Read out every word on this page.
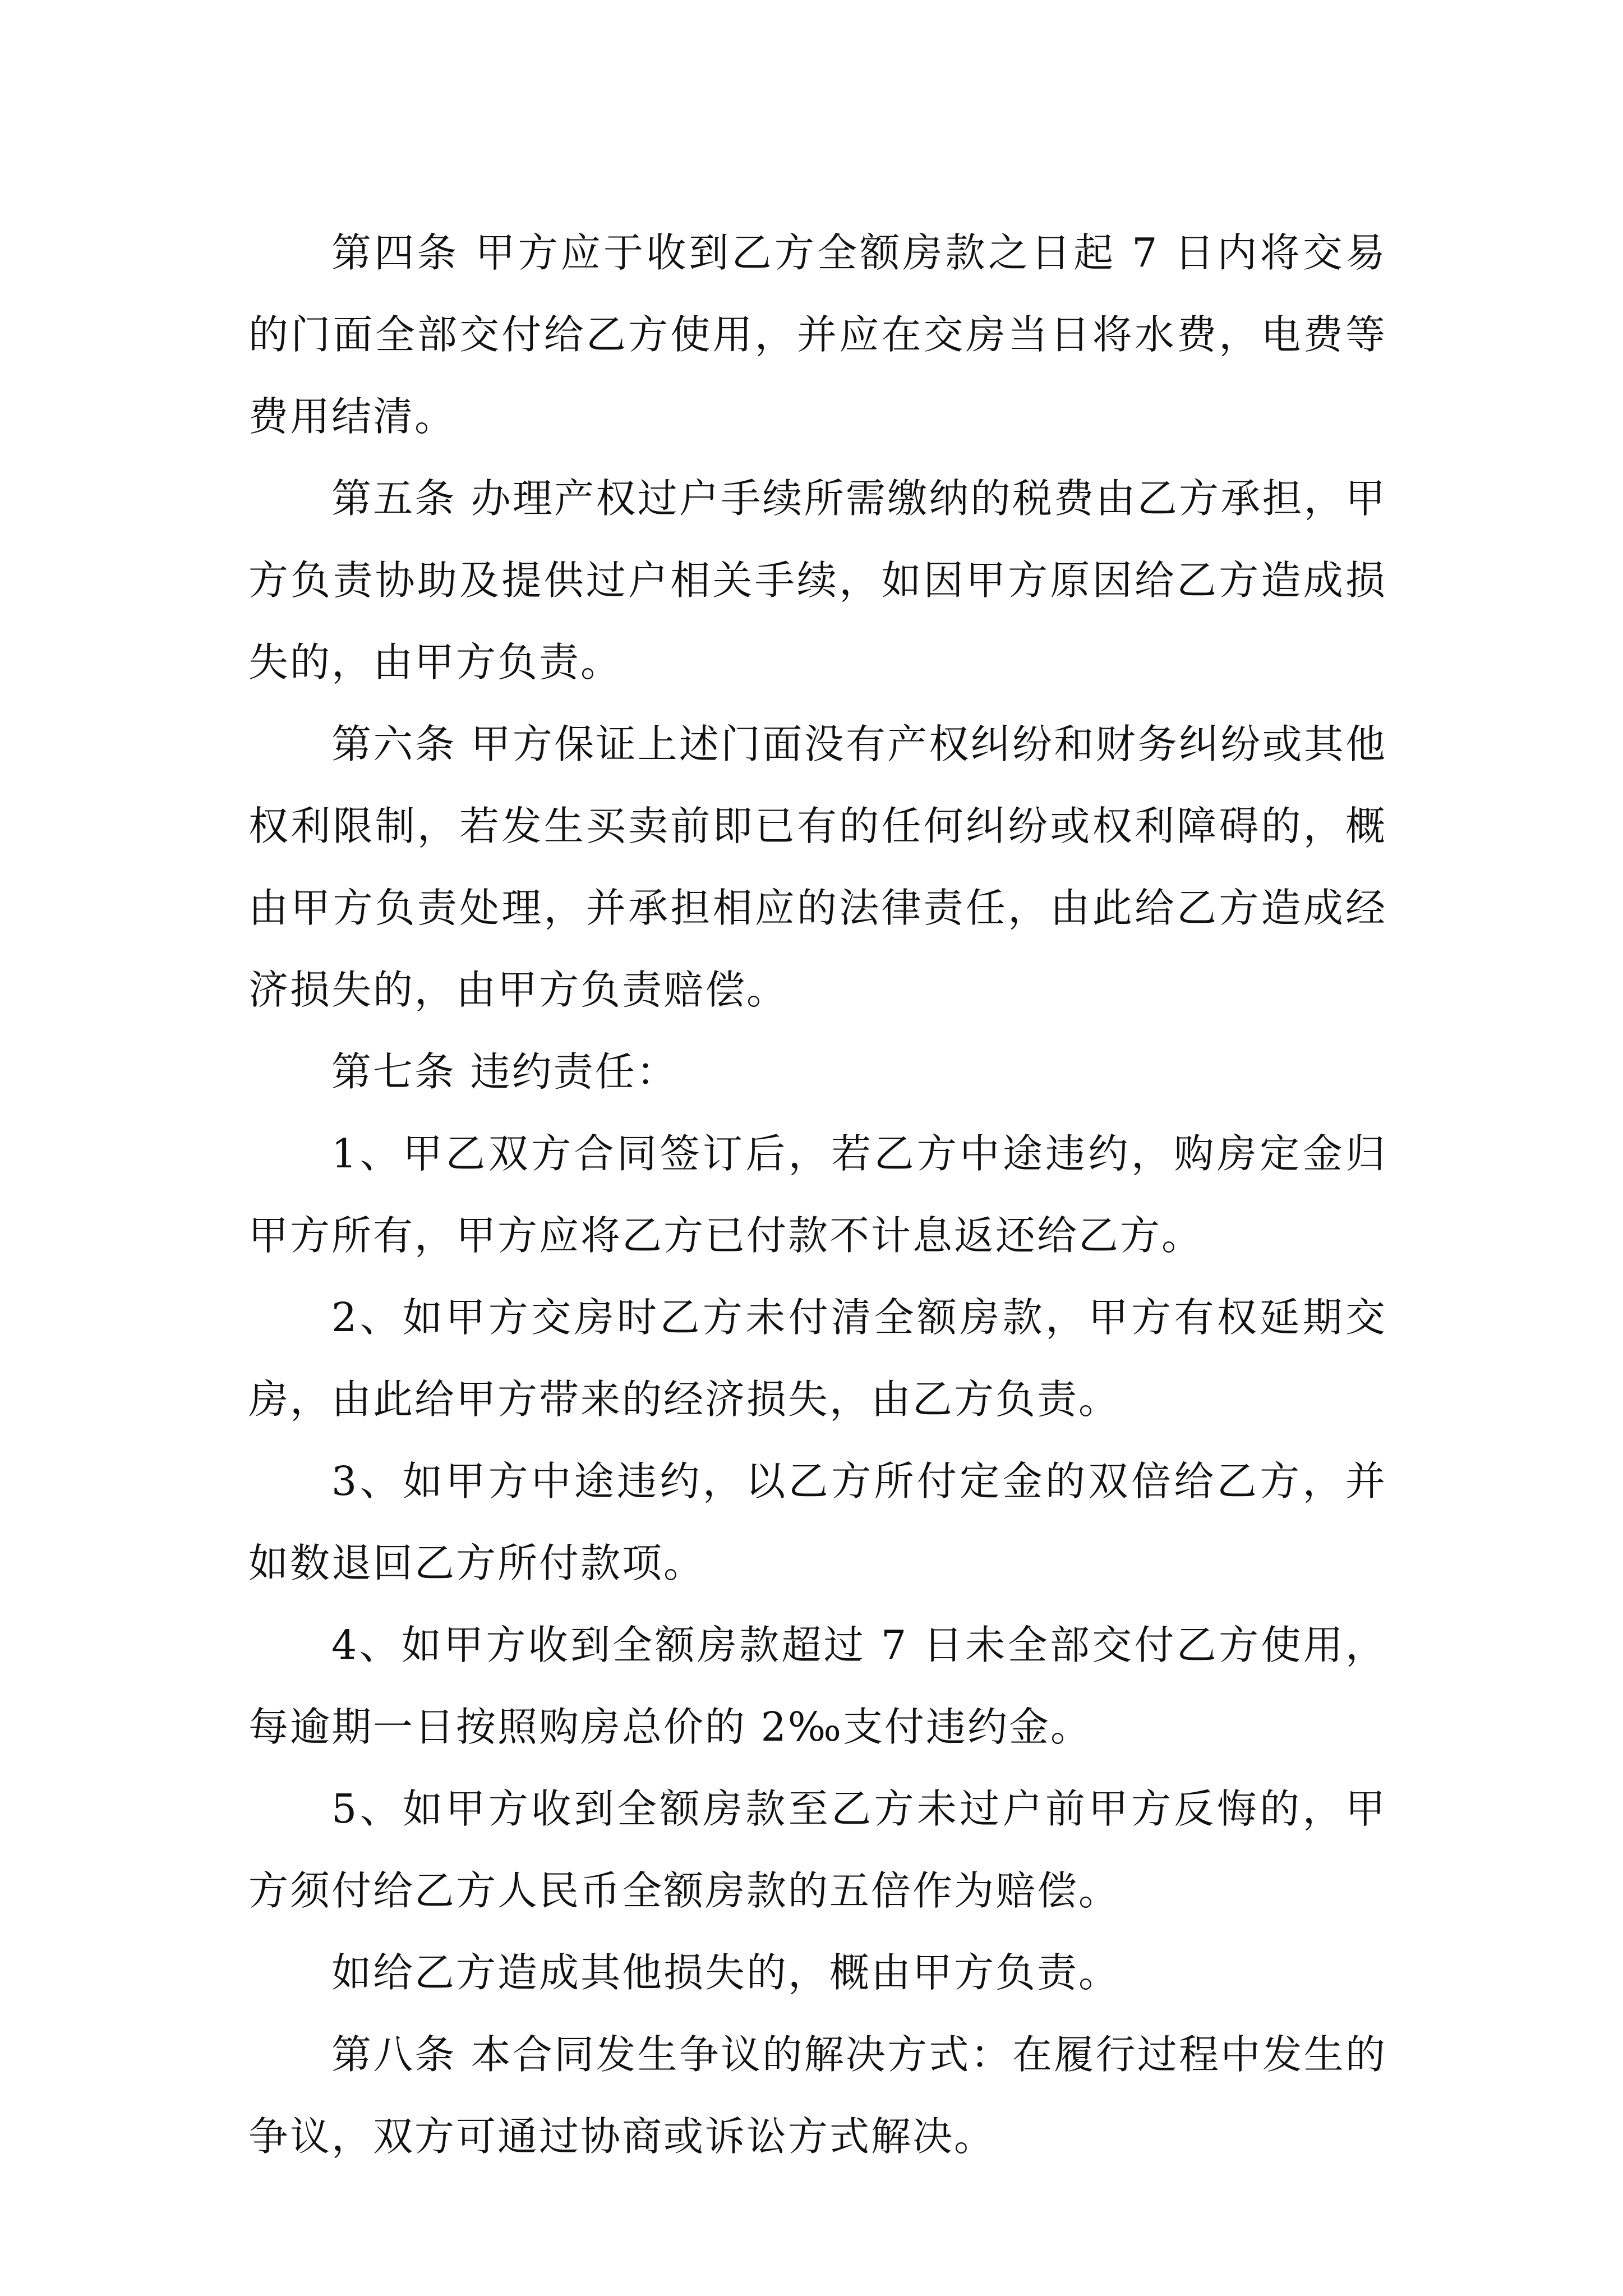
第四条 甲方应于收到乙方全额房款之日起 7 日内将交易的门面全部交付给乙方使用，并应在交房当日将水费，电费等费用结清。

第五条 办理产权过户手续所需缴纳的税费由乙方承担，甲方负责协助及提供过户相关手续，如因甲方原因给乙方造成损失的，由甲方负责。

第六条 甲方保证上述门面没有产权纠纷和财务纠纷或其他权利限制，若发生买卖前即已有的任何纠纷或权利障碍的，概由甲方负责处理，并承担相应的法律责任，由此给乙方造成经济损失的，由甲方负责赔偿。

第七条 违约责任：

1、甲乙双方合同签订后，若乙方中途违约，购房定金归甲方所有，甲方应将乙方已付款不计息返还给乙方。

2、如甲方交房时乙方未付清全额房款，甲方有权延期交房，由此给甲方带来的经济损失，由乙方负责。

3、如甲方中途违约，以乙方所付定金的双倍给乙方，并如数退回乙方所付款项。

4、如甲方收到全额房款超过 7 日未全部交付乙方使用，每逾期一日按照购房总价的 2‰支付违约金。

5、如甲方收到全额房款至乙方未过户前甲方反悔的，甲方须付给乙方人民币全额房款的五倍作为赔偿。

如给乙方造成其他损失的，概由甲方负责。

第八条 本合同发生争议的解决方式：在履行过程中发生的争议，双方可通过协商或诉讼方式解决。
